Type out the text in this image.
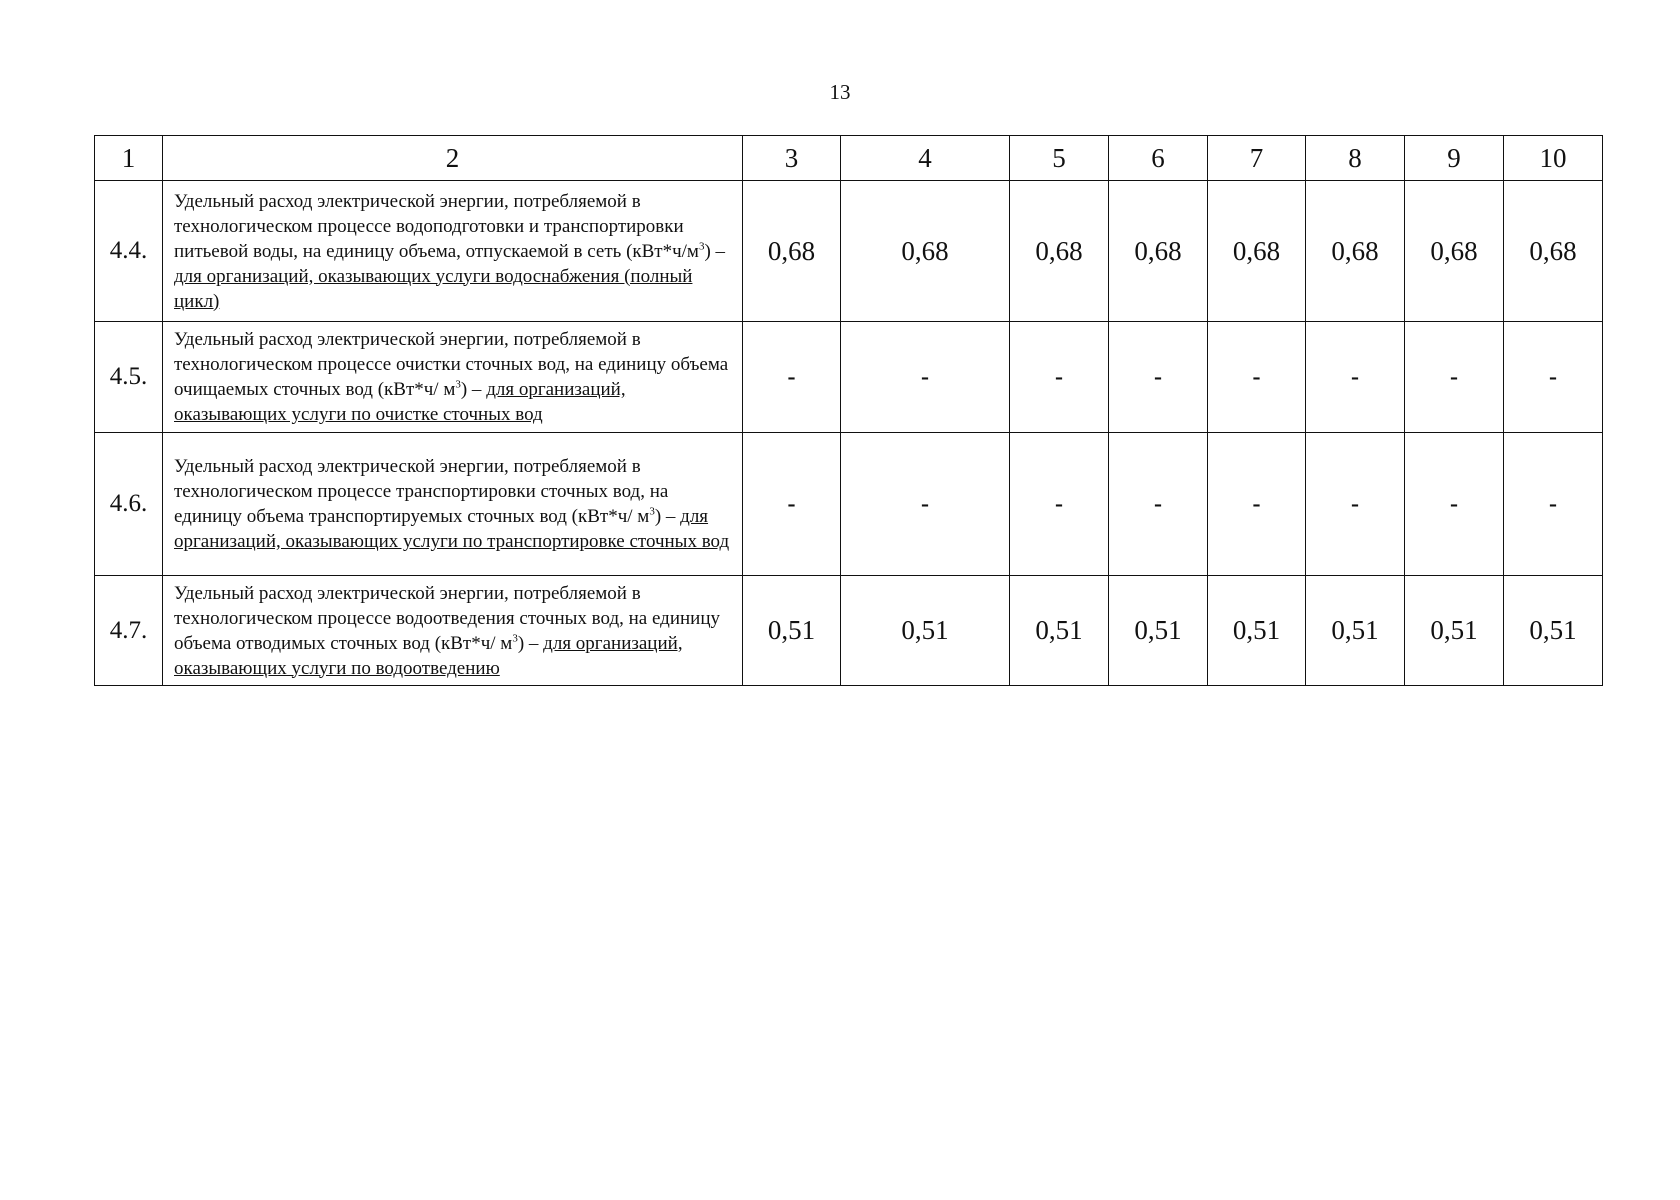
13
1	2	3	4	5	6	7	8	9	10
4.4.	Удельный расход электрической энергии, потребляемой в технологическом процессе водоподготовки и транспортировки питьевой воды, на единицу объема, отпускаемой в сеть $(кВт*ч/м^3)$ – для организаций, оказывающих услуги водоснабжения (полный цикл)	0,68	0,68	0,68	0,68	0,68	0,68	0,68	0,68
4.5.	Удельный расход электрической энергии, потребляемой в технологическом процессе очистки сточных вод, на единицу объема очищаемых сточных вод (кВт*ч/ $м^3$) – для организаций, оказывающих услуги по очистке сточных вод	-	-	-	-	-	-	-	-
4.6.	Удельный расход электрической энергии, потребляемой в технологическом процессе транспортировки сточных вод, на единицу объема транспортируемых сточных вод (кВт*ч/ $м^3$) – для организаций, оказывающих услуги по транспортировке сточных вод	-	-	-	-	-	-	-	-
4.7.	Удельный расход электрической энергии, потребляемой в технологическом процессе водоотведения сточных вод, на единицу объема отводимых сточных вод (кВт*ч/ $м^3$) – для организаций, оказывающих услуги по водоотведению	0,51	0,51	0,51	0,51	0,51	0,51	0,51	0,51
